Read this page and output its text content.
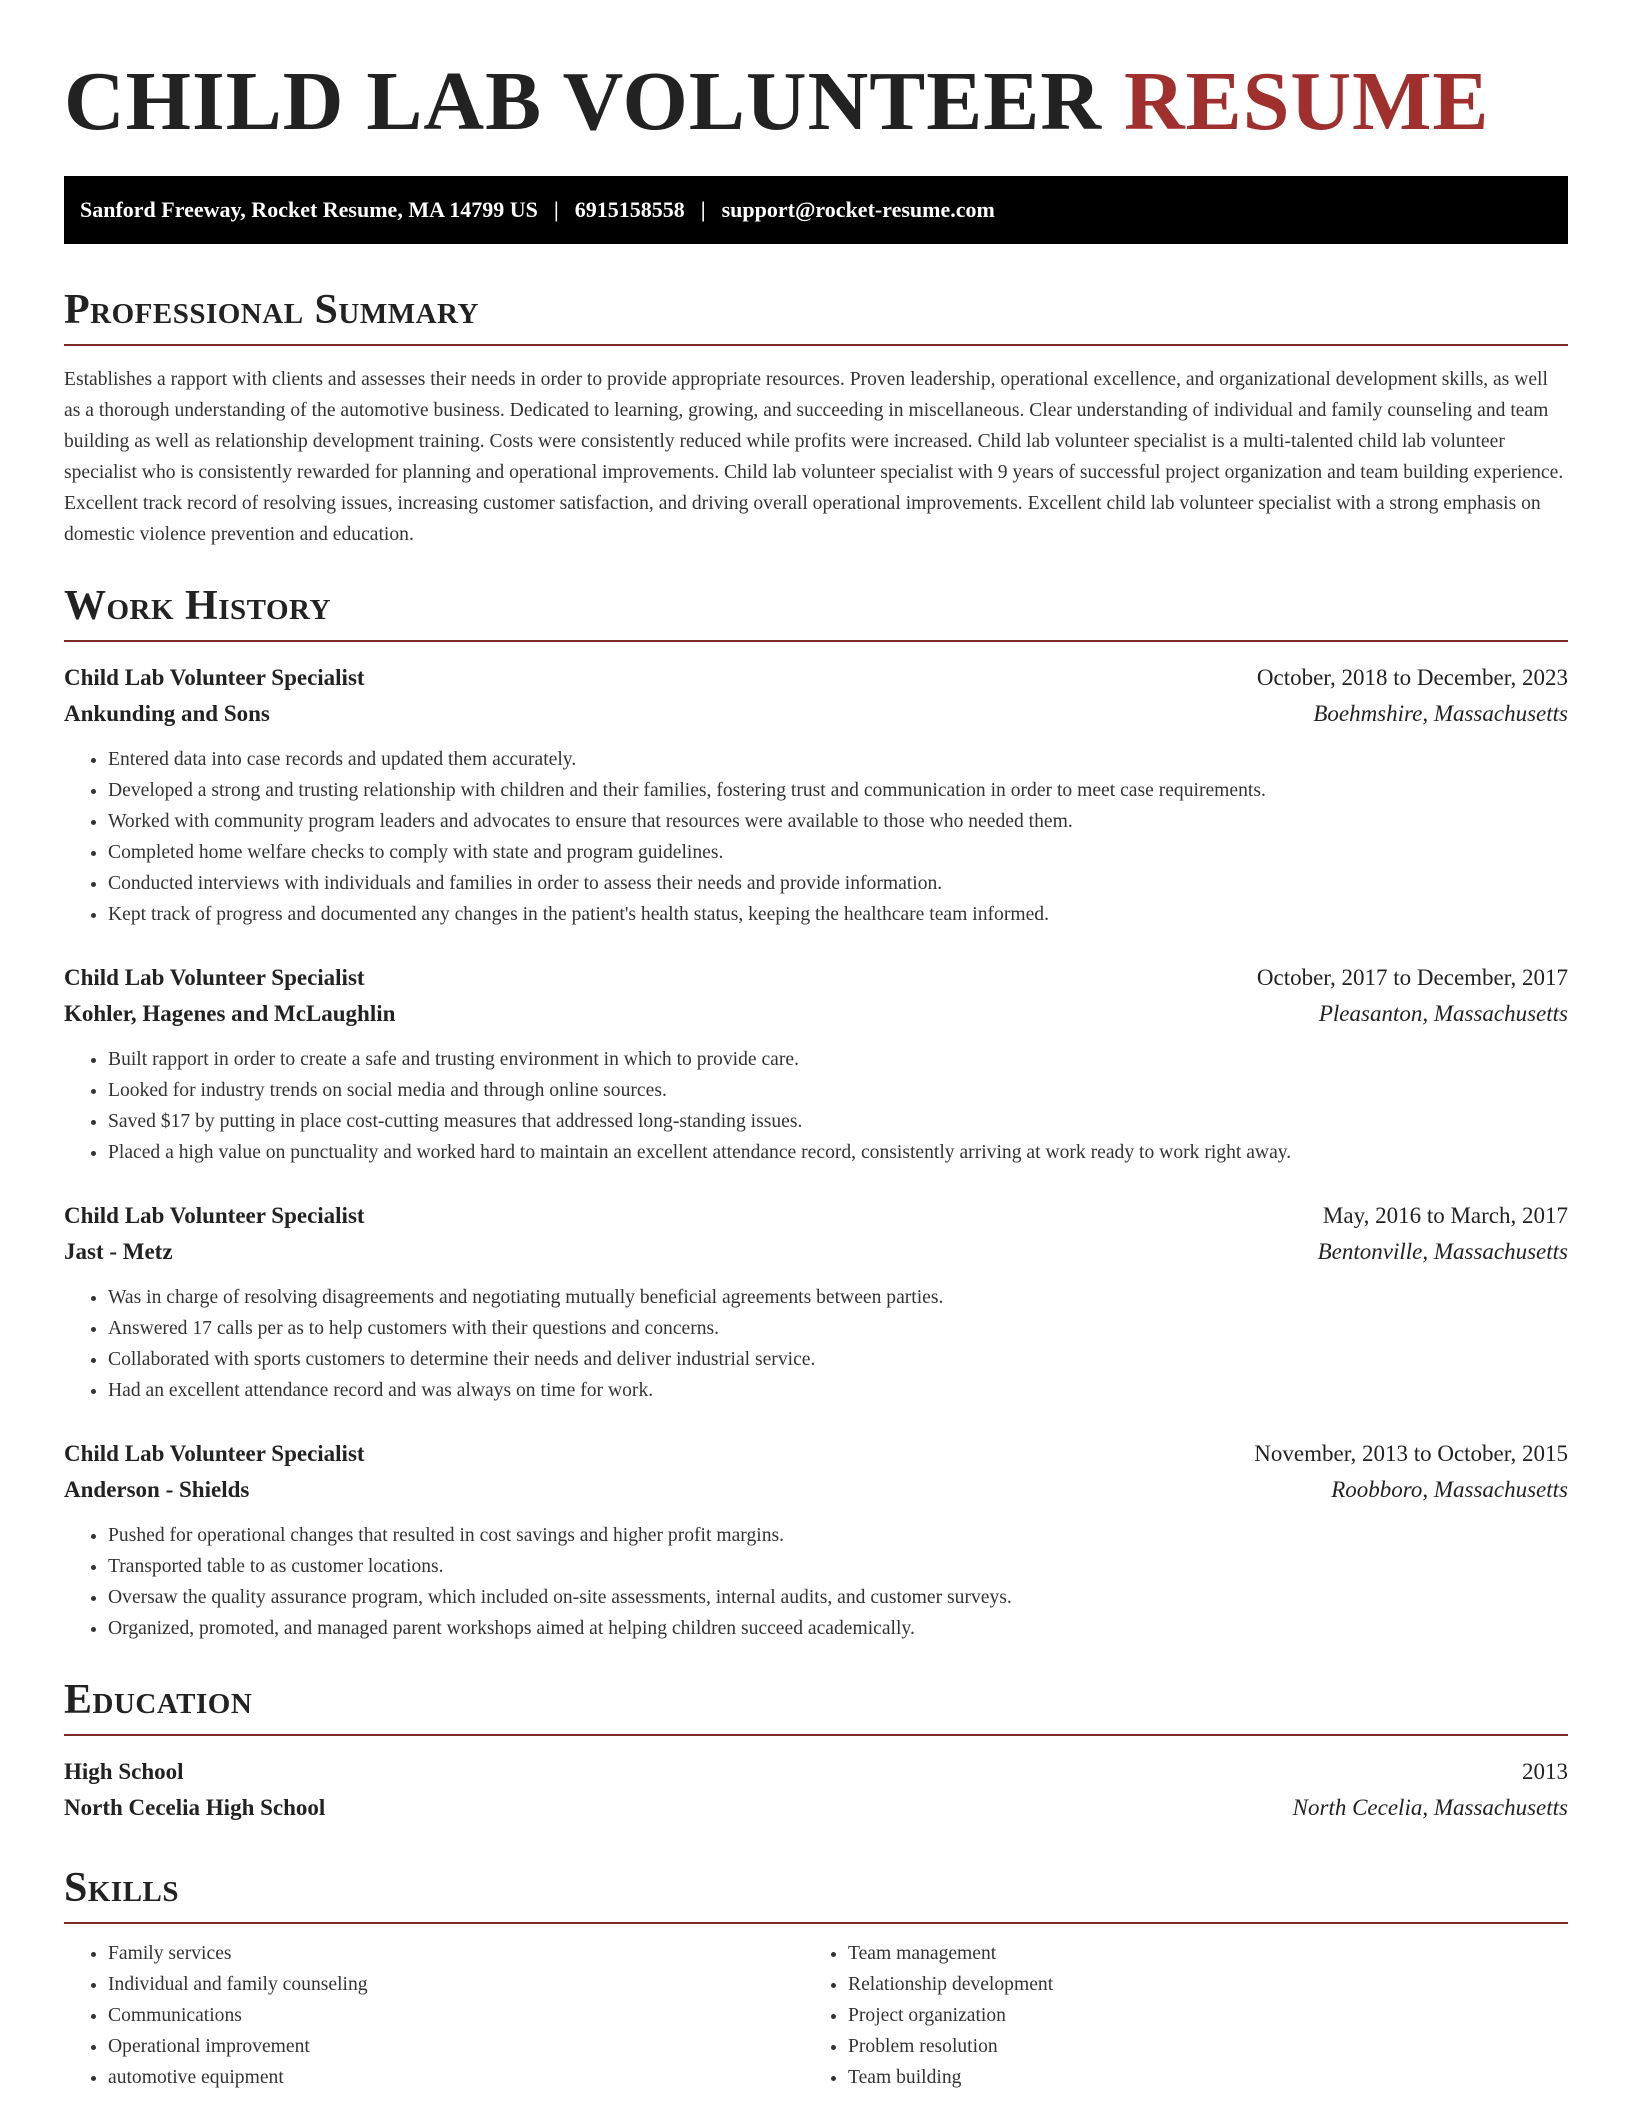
CHILD LAB VOLUNTEER RESUME
Sanford Freeway, Rocket Resume, MA 14799 US | 6915158558 | support@rocket-resume.com
Professional Summary

Establishes a rapport with clients and assesses their needs in order to provide appropriate resources. Proven leadership, operational excellence, and organizational development skills, as well as a thorough understanding of the automotive business. Dedicated to learning, growing, and succeeding in miscellaneous. Clear understanding of individual and family counseling and team building as well as relationship development training. Costs were consistently reduced while profits were increased. Child lab volunteer specialist is a multi-talented child lab volunteer specialist who is consistently rewarded for planning and operational improvements. Child lab volunteer specialist with 9 years of successful project organization and team building experience. Excellent track record of resolving issues, increasing customer satisfaction, and driving overall operational improvements. Excellent child lab volunteer specialist with a strong emphasis on domestic violence prevention and education.

Work History
Child Lab Volunteer Specialist	October, 2018 to December, 2023
Ankunding and Sons	Boehmshire, Massachusetts
• Entered data into case records and updated them accurately.
• Developed a strong and trusting relationship with children and their families, fostering trust and communication in order to meet case requirements.
• Worked with community program leaders and advocates to ensure that resources were available to those who needed them.
• Completed home welfare checks to comply with state and program guidelines.
• Conducted interviews with individuals and families in order to assess their needs and provide information.
• Kept track of progress and documented any changes in the patient's health status, keeping the healthcare team informed.
Child Lab Volunteer Specialist	October, 2017 to December, 2017
Kohler, Hagenes and McLaughlin	Pleasanton, Massachusetts
• Built rapport in order to create a safe and trusting environment in which to provide care.
• Looked for industry trends on social media and through online sources.
• Saved $17 by putting in place cost-cutting measures that addressed long-standing issues.
• Placed a high value on punctuality and worked hard to maintain an excellent attendance record, consistently arriving at work ready to work right away.
Child Lab Volunteer Specialist	May, 2016 to March, 2017
Jast - Metz	Bentonville, Massachusetts
• Was in charge of resolving disagreements and negotiating mutually beneficial agreements between parties.
• Answered 17 calls per as to help customers with their questions and concerns.
• Collaborated with sports customers to determine their needs and deliver industrial service.
• Had an excellent attendance record and was always on time for work.
Child Lab Volunteer Specialist	November, 2013 to October, 2015
Anderson - Shields	Roobboro, Massachusetts
• Pushed for operational changes that resulted in cost savings and higher profit margins.
• Transported table to as customer locations.
• Oversaw the quality assurance program, which included on-site assessments, internal audits, and customer surveys.
• Organized, promoted, and managed parent workshops aimed at helping children succeed academically.
Education
High School	2013
North Cecelia High School	North Cecelia, Massachusetts
Skills
• Family services
• Individual and family counseling
• Communications
• Operational improvement
• automotive equipment
• Team management
• Relationship development
• Project organization
• Problem resolution
• Team building
